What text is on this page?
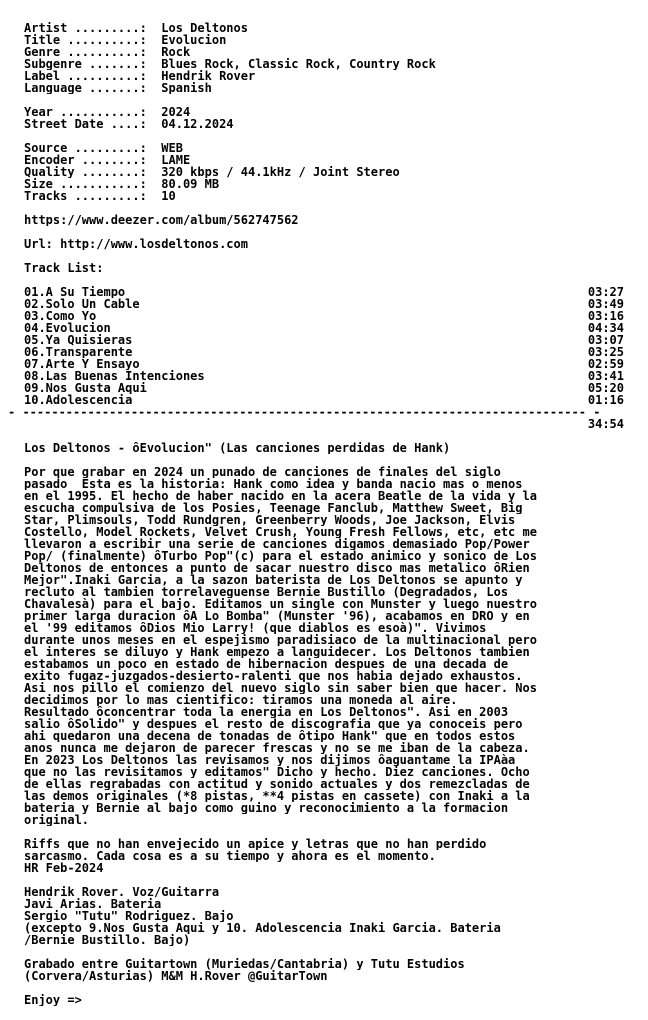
Artist .........:  Los Deltonos
Title ..........:  Evolucion
Genre ..........:  Rock
Subgenre .......:  Blues Rock, Classic Rock, Country Rock
Label ..........:  Hendrik Rover
Language .......:  Spanish
Year ...........:  2024
Street Date ....:  04.12.2024
Source .........:  WEB
Encoder ........:  LAME
Quality ........:  320 kbps / 44.1kHz / Joint Stereo
Size ...........:  80.09 MB
Tracks .........:  10
https://www.deezer.com/album/562747562
Url: http://www.losdeltonos.com
Track List:
01.A Su Tiempo	03:27
02.Solo Un Cable	03:49
03.Como Yo	03:16
04.Evolucion	04:34
05.Ya Quisieras	03:07
06.Transparente	03:25
07.Arte Y Ensayo	02:59
08.Las Buenas Intenciones	03:41
09.Nos Gusta Aqui	05:20
10.Adolescencia	01:16
- ------------------------------------------------------------------------------ -
34:54
Los Deltonos - ôEvolucion" (Las canciones perdidas de Hank)
Por que grabar en 2024 un punado de canciones de finales del siglo
pasado  Esta es la historia: Hank como idea y banda nacio mas o menos
en el 1995. El hecho de haber nacido en la acera Beatle de la vida y la
escucha compulsiva de los Posies, Teenage Fanclub, Matthew Sweet, Big
Star, Plimsouls, Todd Rundgren, Greenberry Woods, Joe Jackson, Elvis
Costello, Model Rockets, Velvet Crush, Young Fresh Fellows, etc, etc me
llevaron a escribir una serie de canciones digamos demasiado Pop/Power
Pop/ (finalmente) ôTurbo Pop"(c) para el estado animico y sonico de Los
Deltonos de entonces a punto de sacar nuestro disco mas metalico ôRien
Mejor".Inaki Garcia, a la sazon baterista de Los Deltonos se apunto y
recluto al tambien torrelaveguense Bernie Bustillo (Degradados, Los
Chavalesà) para el bajo. Editamos un single con Munster y luego nuestro
primer larga duracion ôA Lo Bomba" (Munster '96), acabamos en DRO y en
el '99 editamos ôDios Mio Larry! (que diablos es esoà)". Vivimos
durante unos meses en el espejismo paradisiaco de la multinacional pero
el interes se diluyo y Hank empezo a languidecer. Los Deltonos tambien
estabamos un poco en estado de hibernacion despues de una decada de
exito fugaz-juzgados-desierto-ralenti que nos habia dejado exhaustos.
Asi nos pillo el comienzo del nuevo siglo sin saber bien que hacer. Nos
decidimos por lo mas cientifico: tiramos una moneda al aire.
Resultado ôconcentrar toda la energia en Los Deltonos". Asi en 2003
salio ôSolido" y despues el resto de discografia que ya conoceis pero
ahi quedaron una decena de tonadas de ôtipo Hank" que en todos estos
anos nunca me dejaron de parecer frescas y no se me iban de la cabeza.
En 2023 Los Deltonos las revisamos y nos dijimos ôaguantame la IPAàa
que no las revisitamos y editamos" Dicho y hecho. Diez canciones. Ocho
de ellas regrabadas con actitud y sonido actuales y dos remezcladas de
las demos originales (*8 pistas, **4 pistas en cassete) con Inaki a la
bateria y Bernie al bajo como guino y reconocimiento a la formacion
original.
Riffs que no han envejecido un apice y letras que no han perdido
sarcasmo. Cada cosa es a su tiempo y ahora es el momento.
HR Feb-2024
Hendrik Rover. Voz/Guitarra
Javi Arias. Bateria
Sergio "Tutu" Rodriguez. Bajo
(excepto 9.Nos Gusta Aqui y 10. Adolescencia Inaki Garcia. Bateria
/Bernie Bustillo. Bajo)
Grabado entre Guitartown (Muriedas/Cantabria) y Tutu Estudios
(Corvera/Asturias) M&M H.Rover @GuitarTown
Enjoy =>
